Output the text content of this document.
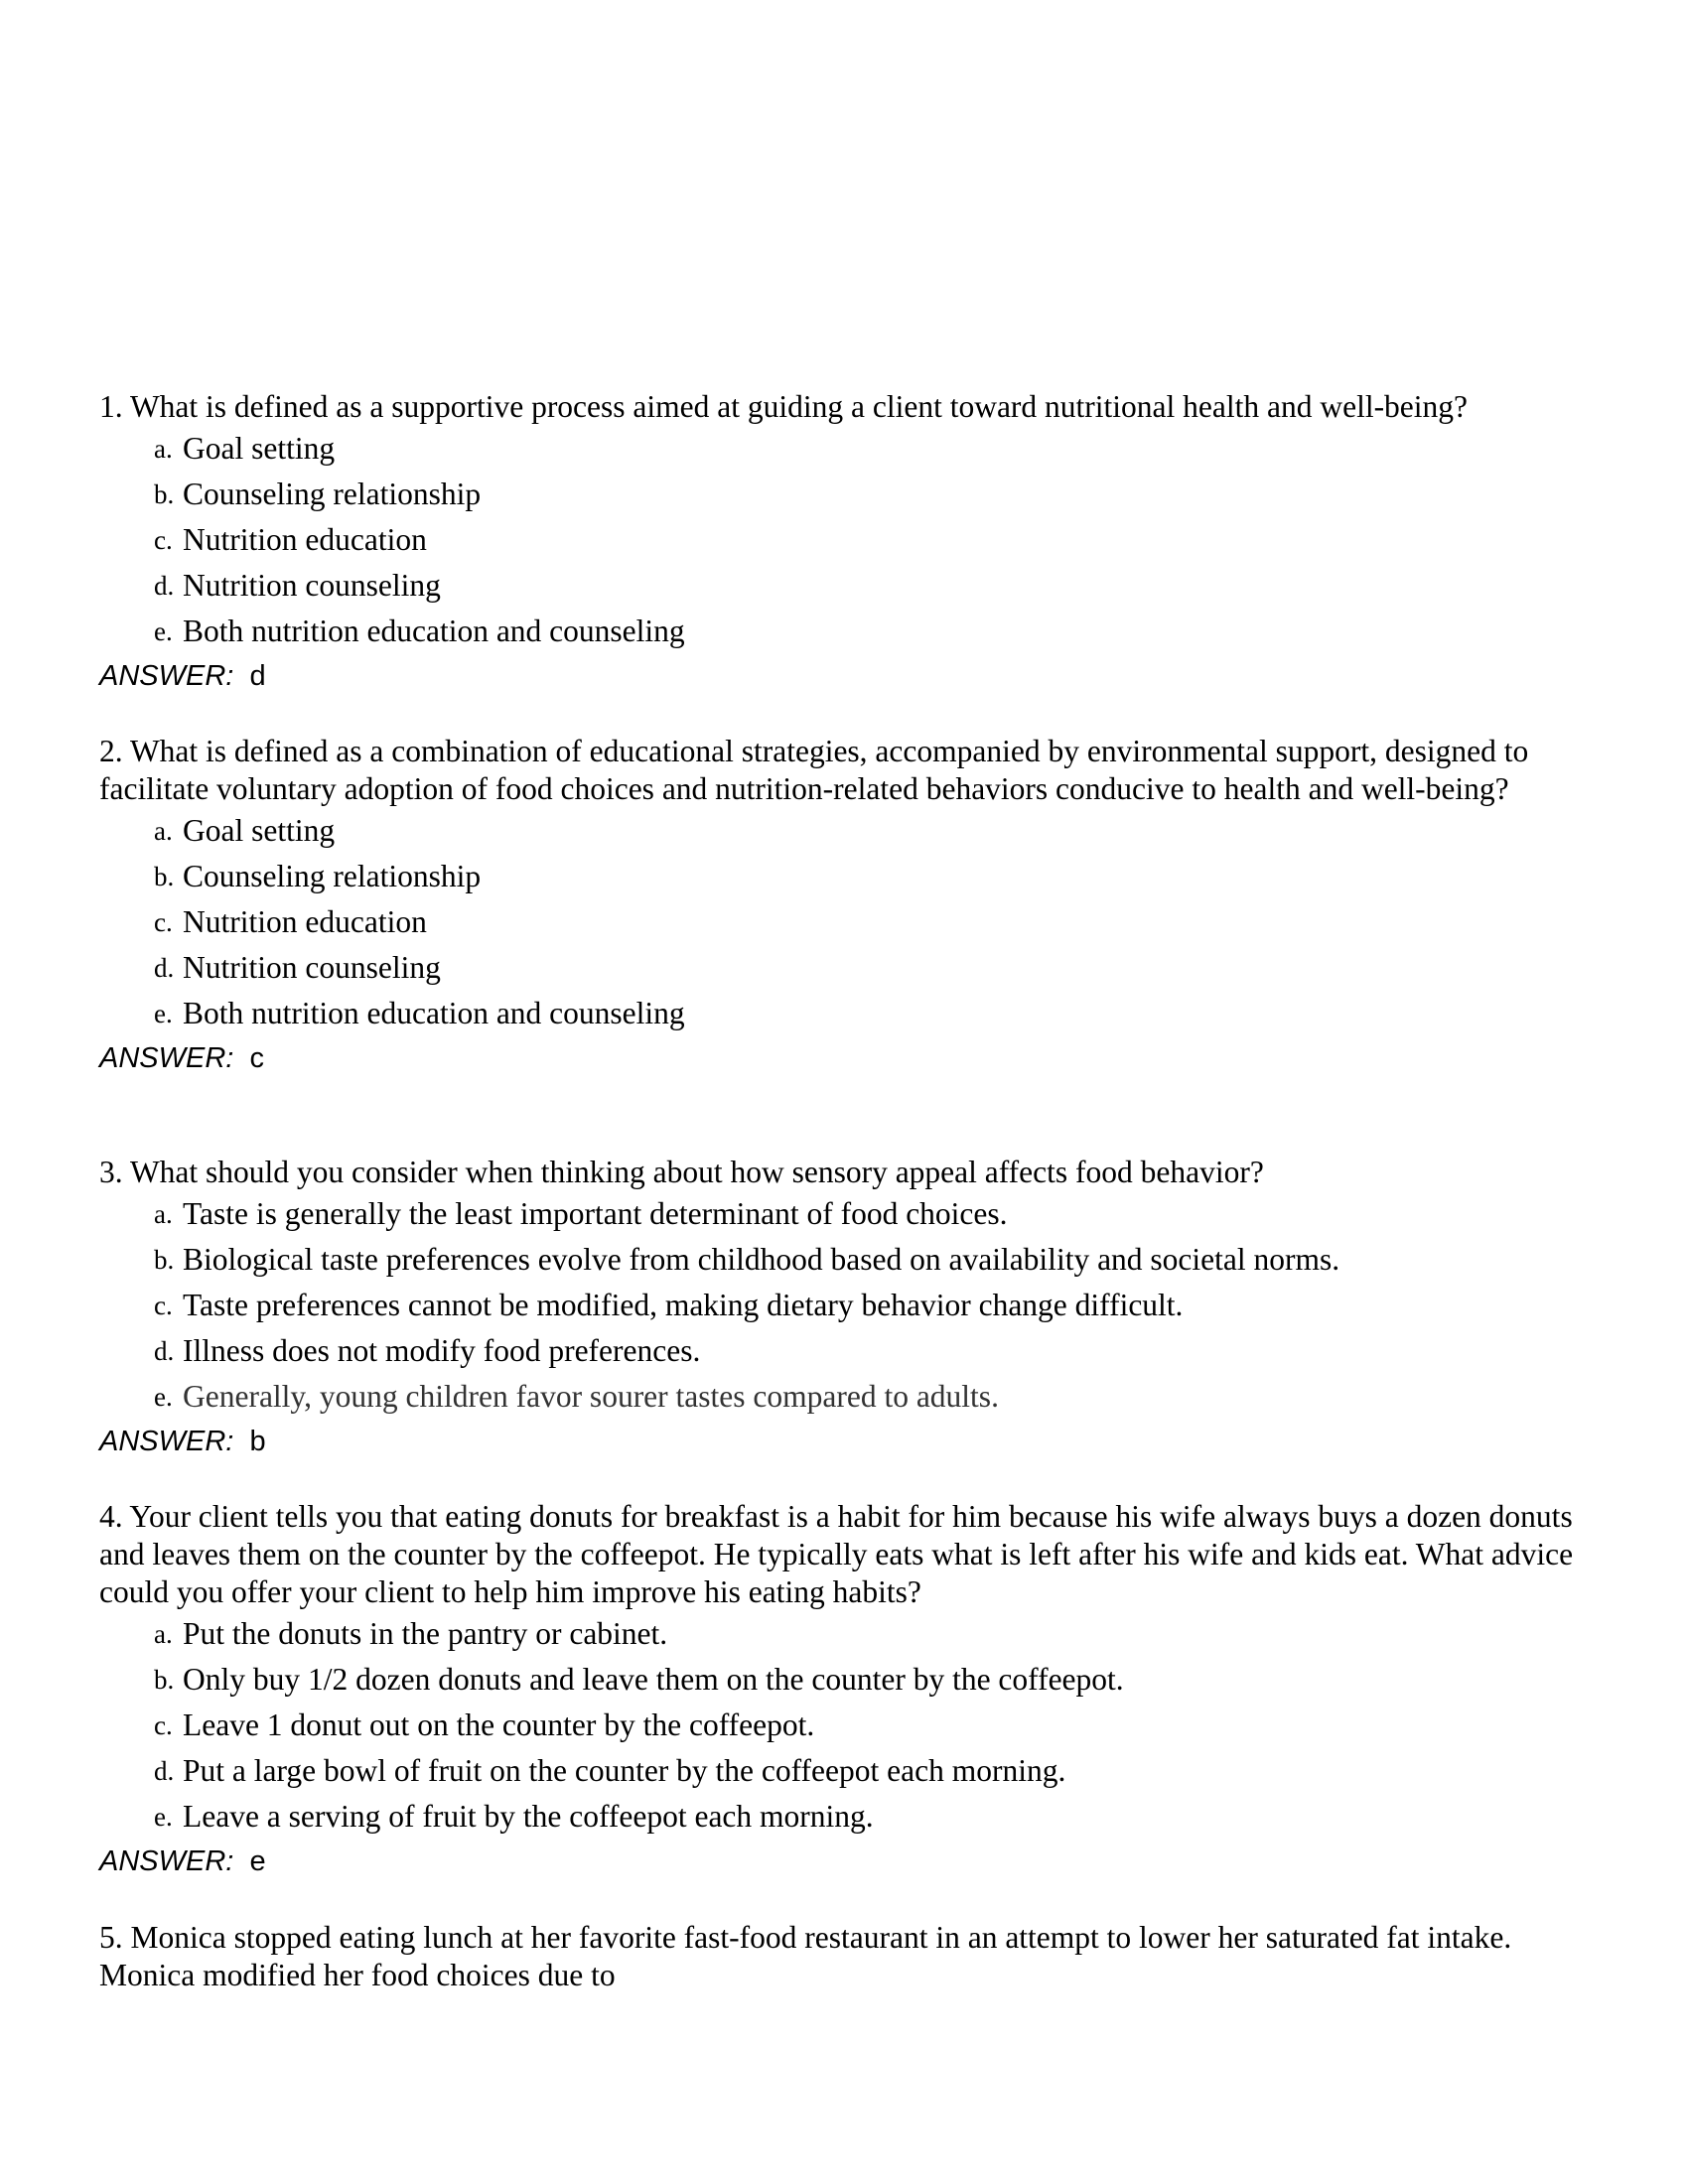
1. What is defined as a supportive process aimed at guiding a client toward nutritional health and well-being?

a. Goal setting
b. Counseling relationship
c. Nutrition education
d. Nutrition counseling
e. Both nutrition education and counseling
ANSWER: d

2. What is defined as a combination of educational strategies, accompanied by environmental support, designed to facilitate voluntary adoption of food choices and nutrition-related behaviors conducive to health and well-being?

a. Goal setting
b. Counseling relationship
c. Nutrition education
d. Nutrition counseling
e. Both nutrition education and counseling
ANSWER: c

3. What should you consider when thinking about how sensory appeal affects food behavior?

a. Taste is generally the least important determinant of food choices.
b. Biological taste preferences evolve from childhood based on availability and societal norms.
c. Taste preferences cannot be modified, making dietary behavior change difficult.
d. Illness does not modify food preferences.
e. Generally, young children favor sourer tastes compared to adults.
ANSWER: b

4. Your client tells you that eating donuts for breakfast is a habit for him because his wife always buys a dozen donuts and leaves them on the counter by the coffeepot. He typically eats what is left after his wife and kids eat. What advice could you offer your client to help him improve his eating habits?

a. Put the donuts in the pantry or cabinet.
b. Only buy 1/2 dozen donuts and leave them on the counter by the coffeepot.
c. Leave 1 donut out on the counter by the coffeepot.
d. Put a large bowl of fruit on the counter by the coffeepot each morning.
e. Leave a serving of fruit by the coffeepot each morning.
ANSWER: e

5. Monica stopped eating lunch at her favorite fast-food restaurant in an attempt to lower her saturated fat intake. Monica modified her food choices due to
